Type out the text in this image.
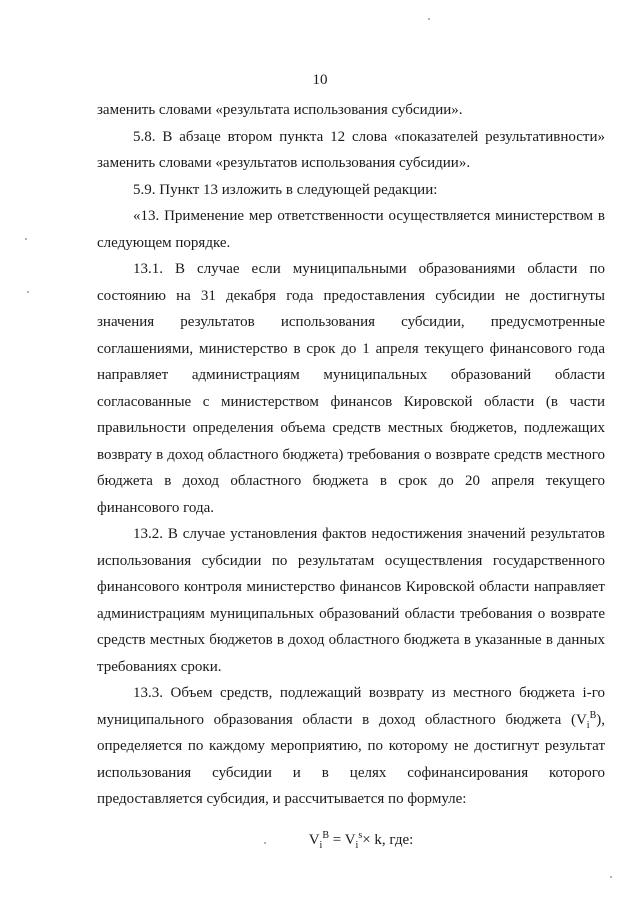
10

заменить словами «результата использования субсидии».

5.8. В абзаце втором пункта 12 слова «показателей результативности» заменить словами «результатов использования субсидии».

5.9. Пункт 13 изложить в следующей редакции:

«13. Применение мер ответственности осуществляется министерством в следующем порядке.

13.1. В случае если муниципальными образованиями области по состоянию на 31 декабря года предоставления субсидии не достигнуты значения результатов использования субсидии, предусмотренные соглашениями, министерство в срок до 1 апреля текущего финансового года направляет администрациям муниципальных образований области согласованные с министерством финансов Кировской области (в части правильности определения объема средств местных бюджетов, подлежащих возврату в доход областного бюджета) требования о возврате средств местного бюджета в доход областного бюджета в срок до 20 апреля текущего финансового года.

13.2. В случае установления фактов недостижения значений результатов использования субсидии по результатам осуществления государственного финансового контроля министерство финансов Кировской области направляет администрациям муниципальных образований области требования о возврате средств местных бюджетов в доход областного бюджета в указанные в данных требованиях сроки.

13.3. Объем средств, подлежащий возврату из местного бюджета i-го муниципального образования области в доход областного бюджета $(V_i^B)$, определяется по каждому мероприятию, по которому не достигнут результат использования субсидии и в целях софинансирования которого предоставляется субсидия, и рассчитывается по формуле:

$V_i^B = V_i^s\times k$, где:
